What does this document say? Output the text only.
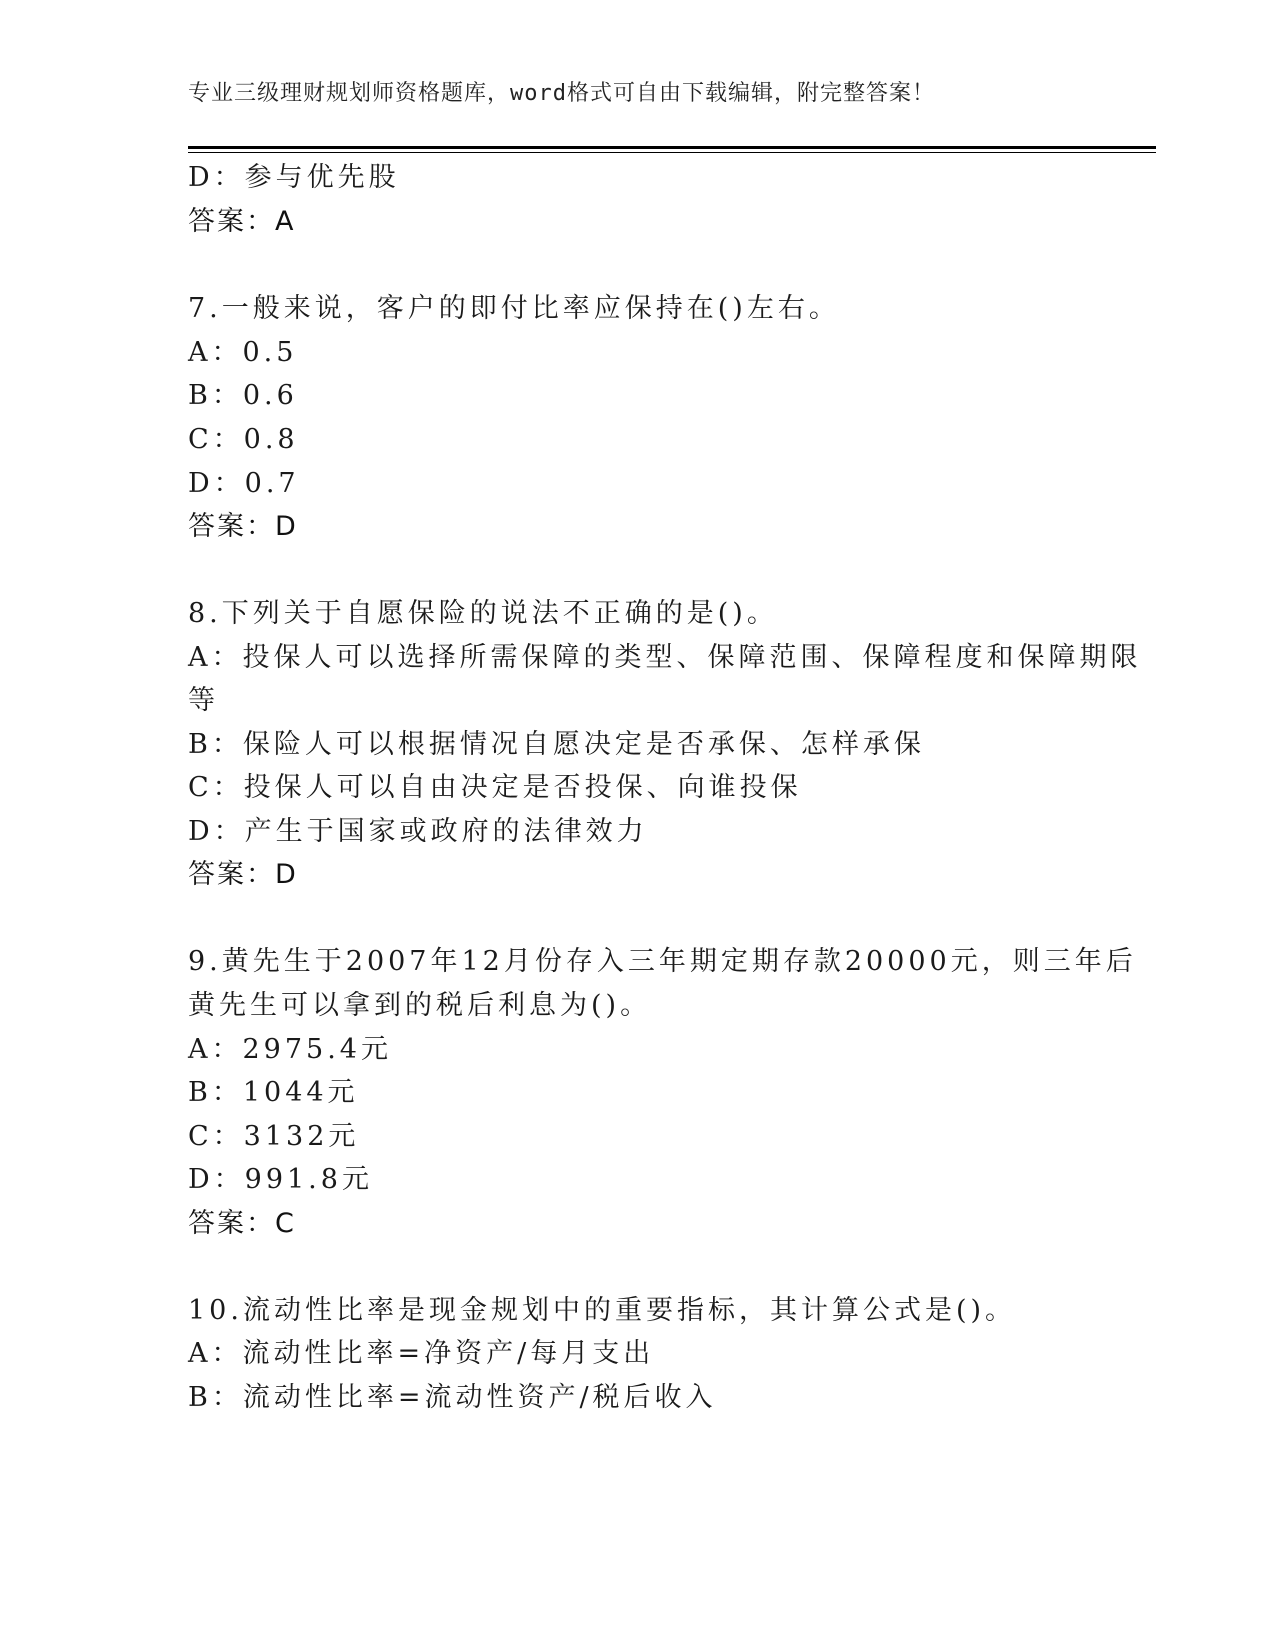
专业三级理财规划师资格题库，word格式可自由下载编辑，附完整答案！
D：参与优先股
答案：A
7.一般来说，客户的即付比率应保持在()左右。
A：0.5
B：0.6
C：0.8
D：0.7
答案：D
8.下列关于自愿保险的说法不正确的是()。
A：投保人可以选择所需保障的类型、保障范围、保障程度和保障期限
等
B：保险人可以根据情况自愿决定是否承保、怎样承保
C：投保人可以自由决定是否投保、向谁投保
D：产生于国家或政府的法律效力
答案：D
9.黄先生于2007年12月份存入三年期定期存款20000元，则三年后
黄先生可以拿到的税后利息为()。
A：2975.4元
B：1044元
C：3132元
D：991.8元
答案：C
10.流动性比率是现金规划中的重要指标，其计算公式是()。
A：流动性比率=净资产/每月支出
B：流动性比率=流动性资产/税后收入
